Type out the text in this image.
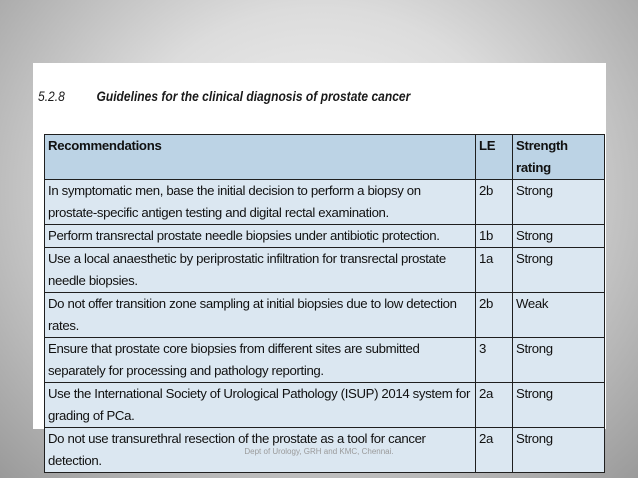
5.2.8 Guidelines for the clinical diagnosis of prostate cancer
Recommendations	LE	Strength rating
In symptomatic men, base the initial decision to perform a biopsy on prostate-specific antigen testing and digital rectal examination.	2b	Strong
Perform transrectal prostate needle biopsies under antibiotic protection.	1b	Strong
Use a local anaesthetic by periprostatic infiltration for transrectal prostate needle biopsies.	1a	Strong
Do not offer transition zone sampling at initial biopsies due to low detection rates.	2b	Weak
Ensure that prostate core biopsies from different sites are submitted separately for processing and pathology reporting.	3	Strong
Use the International Society of Urological Pathology (ISUP) 2014 system for grading of PCa.	2a	Strong
Do not use transurethral resection of the prostate as a tool for cancer detection.	2a	Strong
Dept of Urology, GRH and KMC, Chennai.
